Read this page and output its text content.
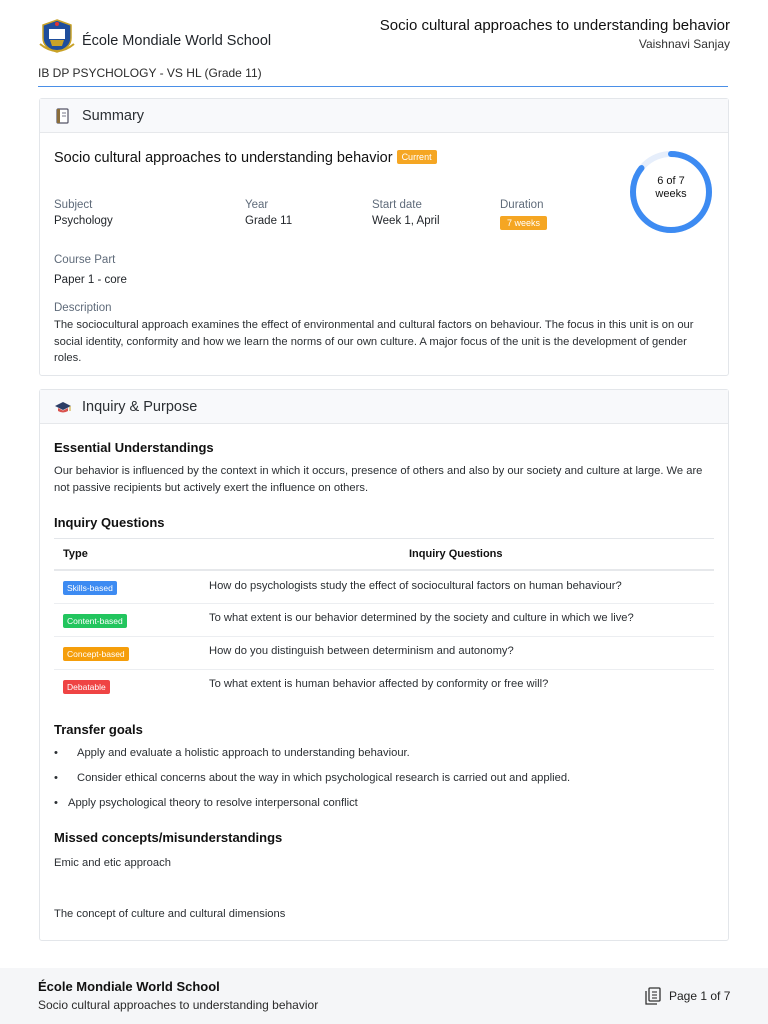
École Mondiale World School
Socio cultural approaches to understanding behavior
Vaishnavi Sanjay
IB DP PSYCHOLOGY - VS HL (Grade 11)
Summary
Socio cultural approaches to understanding behavior Current
6 of 7
weeks
Subject
Psychology
Year
Grade 11
Start date
Week 1, April
Duration
7 weeks
Course Part
Paper 1 - core
Description
The sociocultural approach examines the effect of environmental and cultural factors on behaviour. The focus in this unit is on our social identity, conformity and how we learn the norms of our own culture. A major focus of the unit is the development of gender roles.
Inquiry & Purpose
Essential Understandings
Our behavior is influenced by the context in which it occurs, presence of others and also by our society and culture at large. We are not passive recipients but actively exert the influence on others.
Inquiry Questions
Type	Inquiry Questions
Skills-based	How do psychologists study the effect of sociocultural factors on human behaviour?
Content-based	To what extent is our behavior determined by the society and culture in which we live?
Concept-based	How do you distinguish between determinism and autonomy?
Debatable	To what extent is human behavior affected by conformity or free will?
Transfer goals
• Apply and evaluate a holistic approach to understanding behaviour.
• Consider ethical concerns about the way in which psychological research is carried out and applied.
• Apply psychological theory to resolve interpersonal conflict
Missed concepts/misunderstandings
Emic and etic approach
The concept of culture and cultural dimensions
École Mondiale World School
Socio cultural approaches to understanding behavior
Page 1 of 7
